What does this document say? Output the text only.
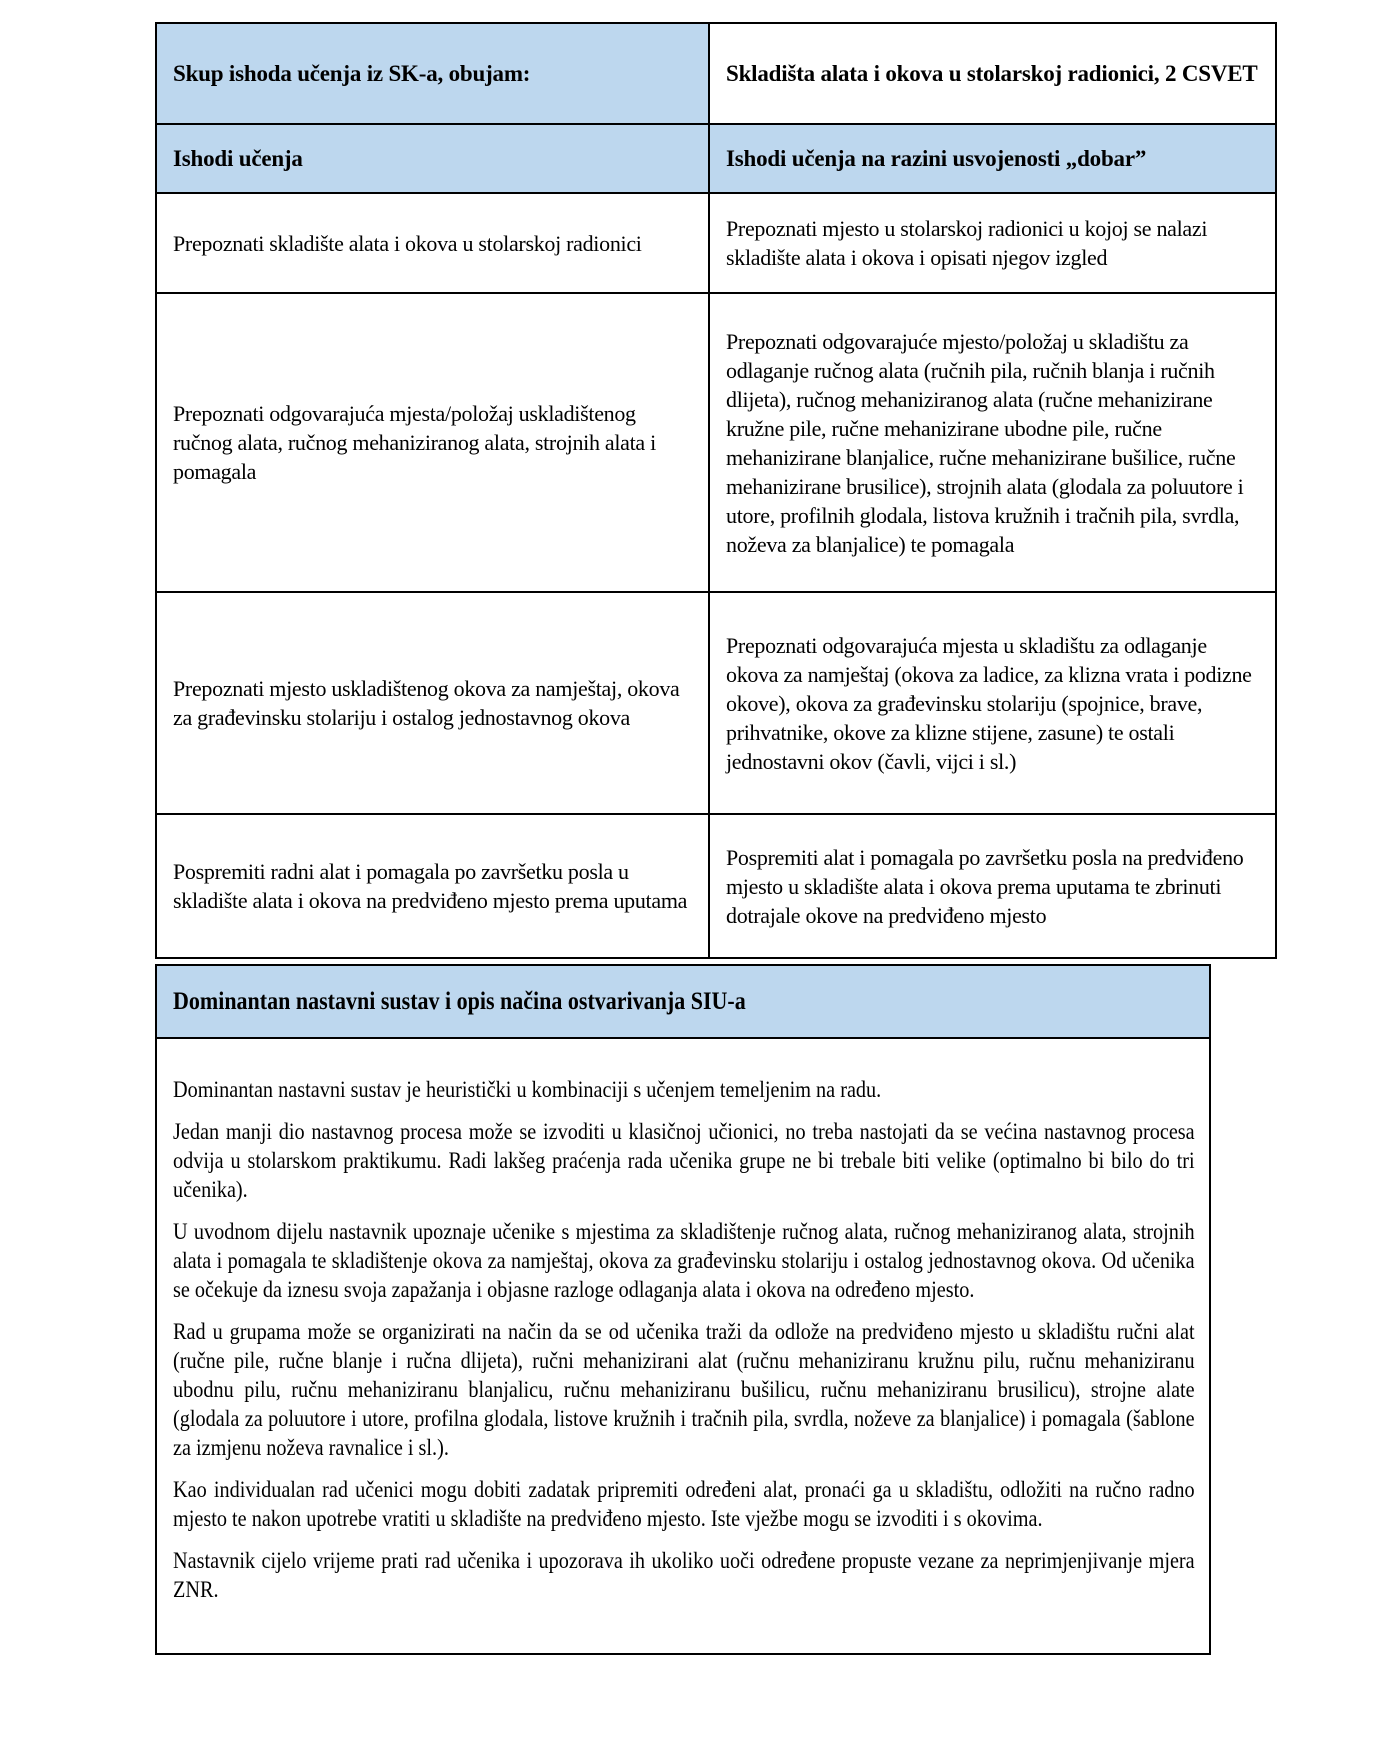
Skup ishoda učenja iz SK-a, obujam:	Skladišta alata i okova u stolarskoj radionici, 2 CSVET
Ishodi učenja	Ishodi učenja na razini usvojenosti „dobar”
Prepoznati skladište alata i okova u stolarskoj radionici	Prepoznati mjesto u stolarskoj radionici u kojoj se nalazi skladište alata i okova i opisati njegov izgled
Prepoznati odgovarajuća mjesta/položaj uskladištenog ručnog alata, ručnog mehaniziranog alata, strojnih alata i pomagala	Prepoznati odgovarajuće mjesto/položaj u skladištu za odlaganje ručnog alata (ručnih pila, ručnih blanja i ručnih dlijeta), ručnog mehaniziranog alata (ručne mehanizirane kružne pile, ručne mehanizirane ubodne pile, ručne mehanizirane blanjalice, ručne mehanizirane bušilice, ručne mehanizirane brusilice), strojnih alata (glodala za poluutore i utore, profilnih glodala, listova kružnih i tračnih pila, svrdla, noževa za blanjalice) te pomagala
Prepoznati mjesto uskladištenog okova za namještaj, okova za građevinsku stolariju i ostalog jednostavnog okova	Prepoznati odgovarajuća mjesta u skladištu za odlaganje okova za namještaj (okova za ladice, za klizna vrata i podizne okove), okova za građevinsku stolariju (spojnice, brave, prihvatnike, okove za klizne stijene, zasune) te ostali jednostavni okov (čavli, vijci i sl.)
Pospremiti radni alat i pomagala po završetku posla u skladište alata i okova na predviđeno mjesto prema uputama	Pospremiti alat i pomagala po završetku posla na predviđeno mjesto u skladište alata i okova prema uputama te zbrinuti dotrajale okove na predviđeno mjesto
Dominantan nastavni sustav i opis načina ostvarivanja SIU-a

Dominantan nastavni sustav je heuristički u kombinaciji s učenjem temeljenim na radu.

Jedan manji dio nastavnog procesa može se izvoditi u klasičnoj učionici, no treba nastojati da se većina nastavnog procesa odvija u stolarskom praktikumu. Radi lakšeg praćenja rada učenika grupe ne bi trebale biti velike (optimalno bi bilo do tri učenika).

U uvodnom dijelu nastavnik upoznaje učenike s mjestima za skladištenje ručnog alata, ručnog mehaniziranog alata, strojnih alata i pomagala te skladištenje okova za namještaj, okova za građevinsku stolariju i ostalog jednostavnog okova. Od učenika se očekuje da iznesu svoja zapažanja i objasne razloge odlaganja alata i okova na određeno mjesto.

Rad u grupama može se organizirati na način da se od učenika traži da odlože na predviđeno mjesto u skladištu ručni alat (ručne pile, ručne blanje i ručna dlijeta), ručni mehanizirani alat (ručnu mehaniziranu kružnu pilu, ručnu mehaniziranu ubodnu pilu, ručnu mehaniziranu blanjalicu, ručnu mehaniziranu bušilicu, ručnu mehaniziranu brusilicu), strojne alate (glodala za poluutore i utore, profilna glodala, listove kružnih i tračnih pila, svrdla, noževe za blanjalice) i pomagala (šablone za izmjenu noževa ravnalice i sl.).

Kao individualan rad učenici mogu dobiti zadatak pripremiti određeni alat, pronaći ga u skladištu, odložiti na ručno radno mjesto te nakon upotrebe vratiti u skladište na predviđeno mjesto. Iste vježbe mogu se izvoditi i s okovima.

Nastavnik cijelo vrijeme prati rad učenika i upozorava ih ukoliko uoči određene propuste vezane za neprimjenjivanje mjera ZNR.
